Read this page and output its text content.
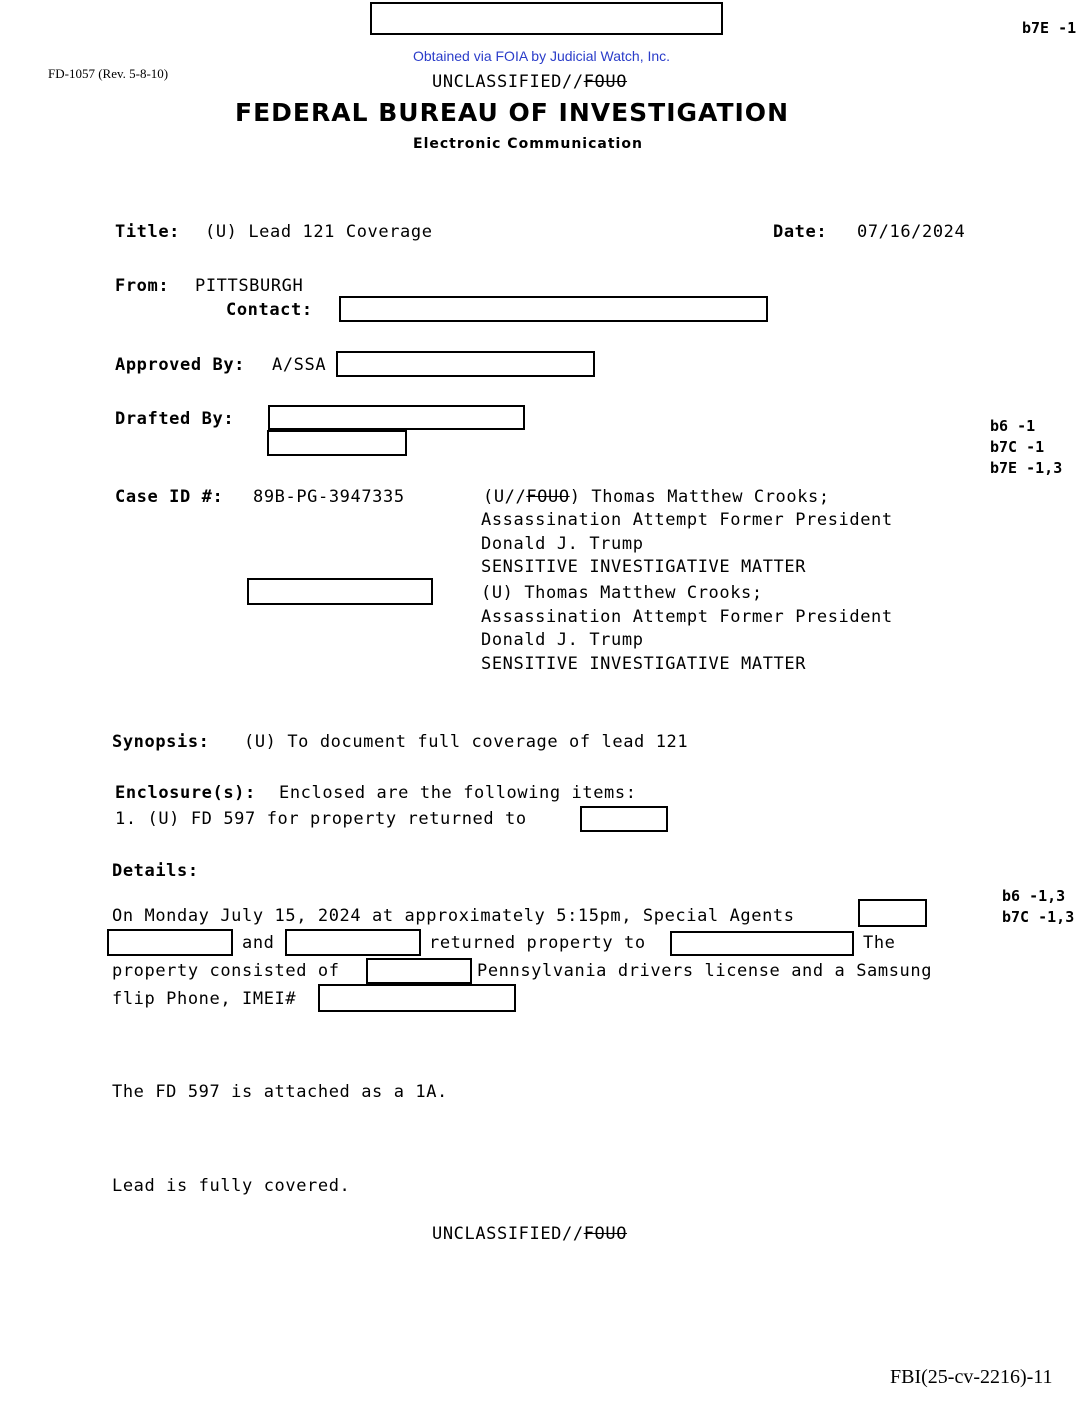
b7E -1
Obtained via FOIA by Judicial Watch, Inc.
FD-1057 (Rev. 5-8-10)	UNCLASSIFIED//FOUO
FEDERAL BUREAU OF INVESTIGATION
Electronic Communication
Title: (U) Lead 121 Coverage	Date: 07/16/2024
From: PITTSBURGH
Contact:
Approved By: A/SSA
Drafted By:	b6 -1
b7C -1
b7E -1,3
Case ID #: 89B-PG-3947335	(U//FOUO) Thomas Matthew Crooks;
Assassination Attempt Former President
Donald J. Trump
SENSITIVE INVESTIGATIVE MATTER
(U) Thomas Matthew Crooks;
Assassination Attempt Former President
Donald J. Trump
SENSITIVE INVESTIGATIVE MATTER
Synopsis: (U) To document full coverage of lead 121
Enclosure(s): Enclosed are the following items:
1. (U) FD 597 for property returned to
Details:
b6 -1,3
b7C -1,3
On Monday July 15, 2024 at approximately 5:15pm, Special Agents
and	returned property to	The
property consisted of	Pennsylvania drivers license and a Samsung
flip Phone, IMEI#
The FD 597 is attached as a 1A.
Lead is fully covered.
UNCLASSIFIED//FOUO
FBI(25-cv-2216)-11
